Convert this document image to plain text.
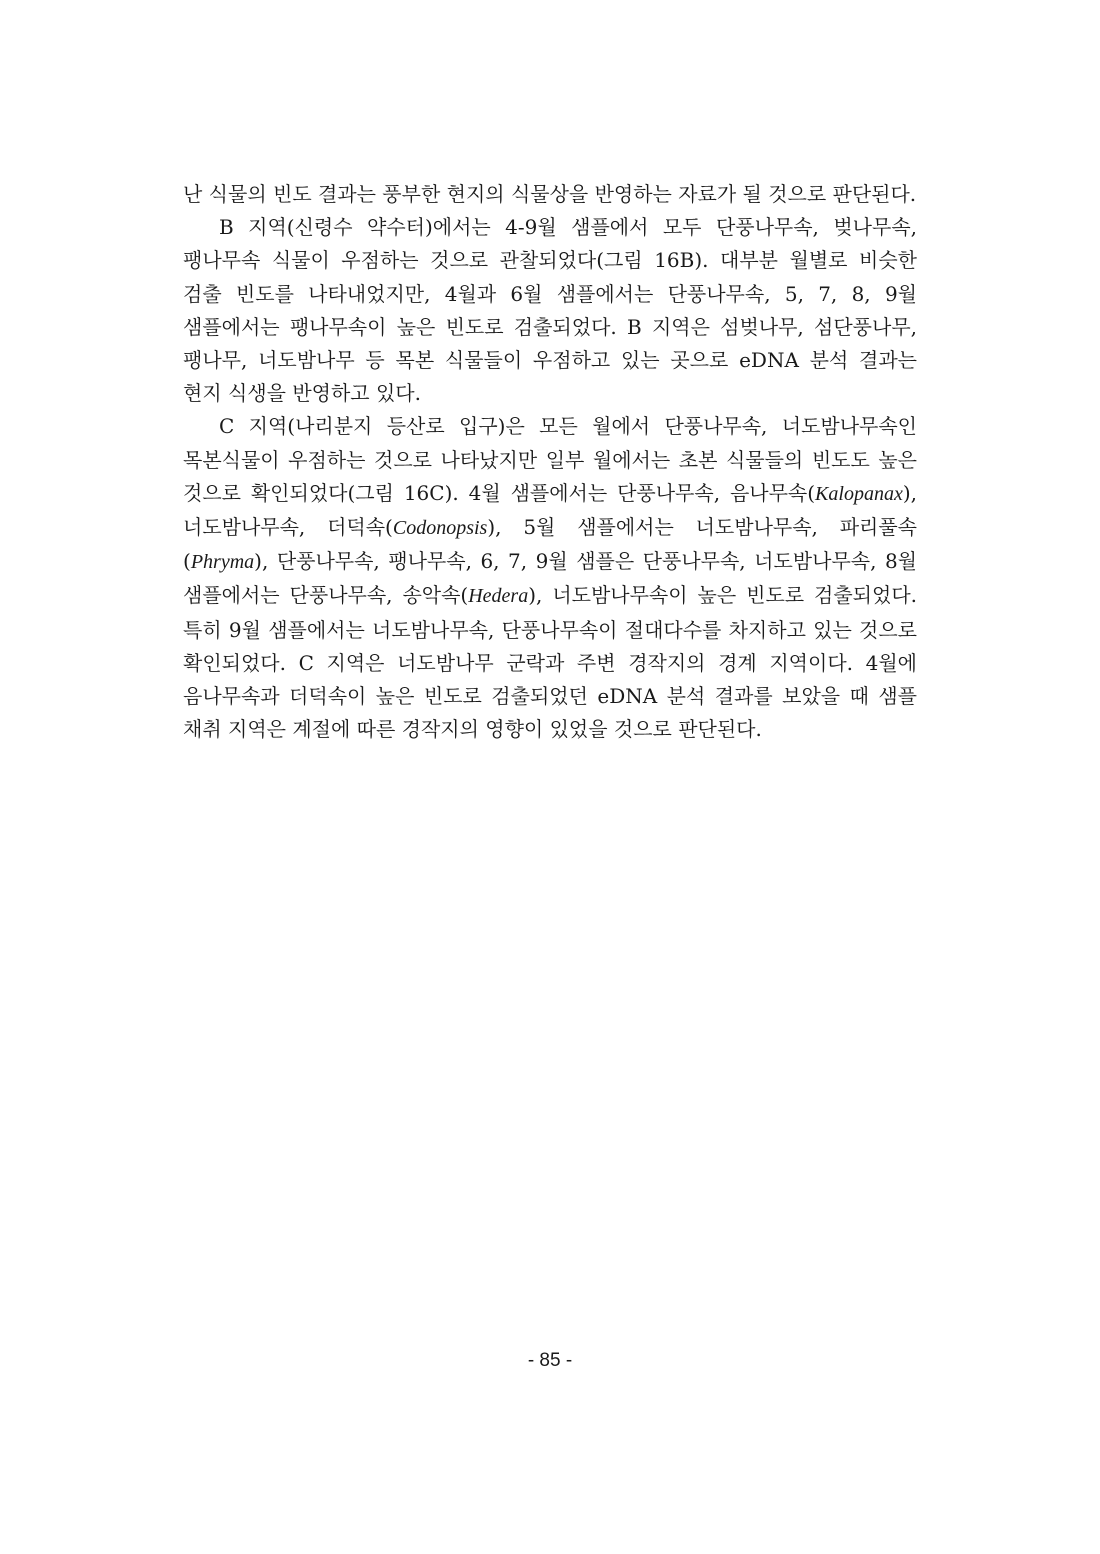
난 식물의 빈도 결과는 풍부한 현지의 식물상을 반영하는 자료가 될 것으로 판단된다.

B 지역(신령수 약수터)에서는 4-9월 샘플에서 모두 단풍나무속, 벚나무속, 팽나무속 식물이 우점하는 것으로 관찰되었다(그림 16B). 대부분 월별로 비슷한 검출 빈도를 나타내었지만, 4월과 6월 샘플에서는 단풍나무속, 5, 7, 8, 9월 샘플에서는 팽나무속이 높은 빈도로 검출되었다. B 지역은 섬벚나무, 섬단풍나무, 팽나무, 너도밤나무 등 목본 식물들이 우점하고 있는 곳으로 eDNA 분석 결과는 현지 식생을 반영하고 있다.

C 지역(나리분지 등산로 입구)은 모든 월에서 단풍나무속, 너도밤나무속인 목본식물이 우점하는 것으로 나타났지만 일부 월에서는 초본 식물들의 빈도도 높은 것으로 확인되었다(그림 16C). 4월 샘플에서는 단풍나무속, 음나무속(Kalopanax), 너도밤나무속, 더덕속(Codonopsis), 5월 샘플에서는 너도밤나무속, 파리풀속(Phryma), 단풍나무속, 팽나무속, 6, 7, 9월 샘플은 단풍나무속, 너도밤나무속, 8월 샘플에서는 단풍나무속, 송악속(Hedera), 너도밤나무속이 높은 빈도로 검출되었다. 특히 9월 샘플에서는 너도밤나무속, 단풍나무속이 절대다수를 차지하고 있는 것으로 확인되었다. C 지역은 너도밤나무 군락과 주변 경작지의 경계 지역이다. 4월에 음나무속과 더덕속이 높은 빈도로 검출되었던 eDNA 분석 결과를 보았을 때 샘플 채취 지역은 계절에 따른 경작지의 영향이 있었을 것으로 판단된다.

- 85 -
